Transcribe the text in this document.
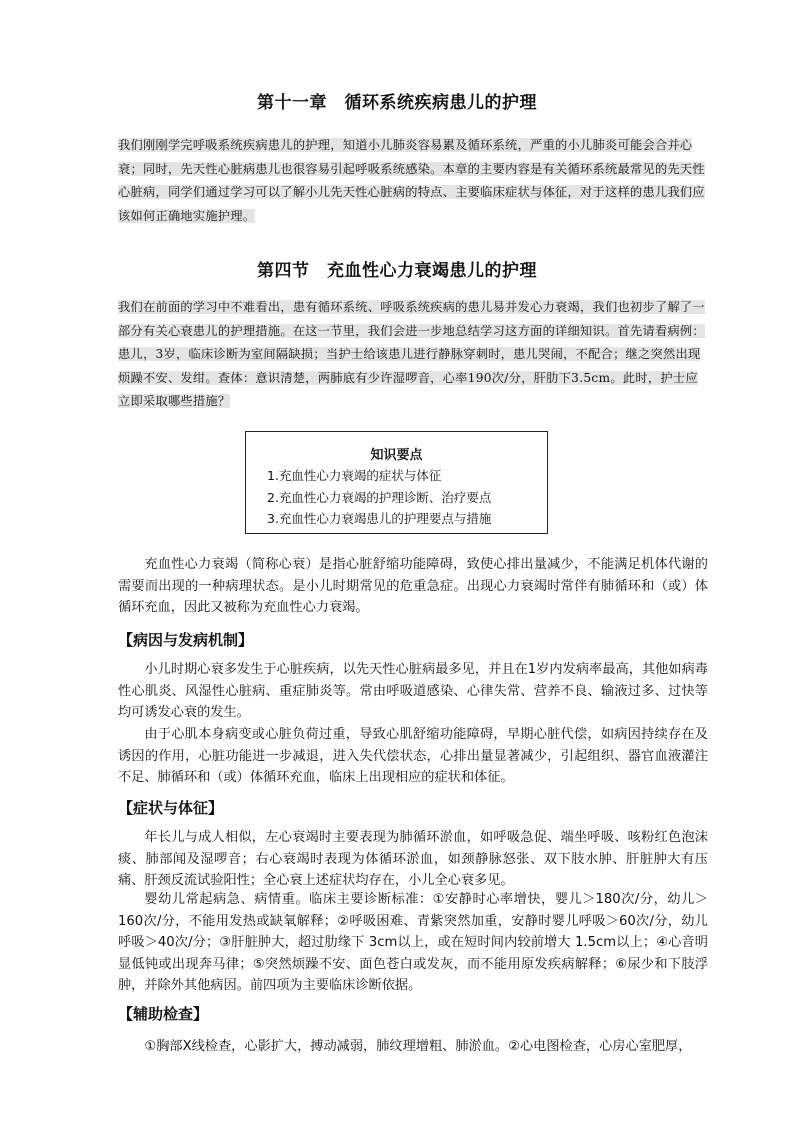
第十一章　循环系统疾病患儿的护理
我们刚刚学完呼吸系统疾病患儿的护理，知道小儿肺炎容易累及循环系统，严重的小儿肺炎可能会合并心衰；同时，先天性心脏病患儿也很容易引起呼吸系统感染。本章的主要内容是有关循环系统最常见的先天性心脏病，同学们通过学习可以了解小儿先天性心脏病的特点、主要临床症状与体征，对于这样的患儿我们应该如何正确地实施护理。
第四节　充血性心力衰竭患儿的护理
我们在前面的学习中不难看出，患有循环系统、呼吸系统疾病的患儿易并发心力衰竭，我们也初步了解了一部分有关心衰患儿的护理措施。在这一节里，我们会进一步地总结学习这方面的详细知识。首先请看病例：患儿，3岁，临床诊断为室间隔缺损；当护士给该患儿进行静脉穿刺时，患儿哭闹，不配合；继之突然出现烦躁不安、发绀。查体：意识清楚，两肺底有少许湿啰音，心率190次/分，肝肋下3.5cm。此时，护士应立即采取哪些措施？
知识要点
1.充血性心力衰竭的症状与体征
2.充血性心力衰竭的护理诊断、治疗要点
3.充血性心力衰竭患儿的护理要点与措施

充血性心力衰竭（简称心衰）是指心脏舒缩功能障碍，致使心排出量减少，不能满足机体代谢的需要而出现的一种病理状态。是小儿时期常见的危重急症。出现心力衰竭时常伴有肺循环和（或）体循环充血，因此又被称为充血性心力衰竭。

【病因与发病机制】

小儿时期心衰多发生于心脏疾病，以先天性心脏病最多见，并且在1岁内发病率最高，其他如病毒性心肌炎、风湿性心脏病、重症肺炎等。常由呼吸道感染、心律失常、营养不良、输液过多、过快等均可诱发心衰的发生。

由于心肌本身病变或心脏负荷过重，导致心肌舒缩功能障碍，早期心脏代偿，如病因持续存在及诱因的作用，心脏功能进一步减退，进入失代偿状态，心排出量显著减少，引起组织、器官血液灌注不足、肺循环和（或）体循环充血，临床上出现相应的症状和体征。

【症状与体征】

年长儿与成人相似，左心衰竭时主要表现为肺循环淤血，如呼吸急促、端坐呼吸、咳粉红色泡沫痰、肺部闻及湿啰音；右心衰竭时表现为体循环淤血，如颈静脉怒张、双下肢水肿、肝脏肿大有压痛、肝颈反流试验阳性；全心衰上述症状均存在，小儿全心衰多见。

婴幼儿常起病急、病情重。临床主要诊断标准：①安静时心率增快，婴儿＞180次/分，幼儿＞160次/分，不能用发热或缺氧解释；②呼吸困难、青紫突然加重，安静时婴儿呼吸＞60次/分，幼儿呼吸＞40次/分；③肝脏肿大，超过肋缘下 3cm以上，或在短时间内较前增大 1.5cm以上；④心音明显低钝或出现奔马律；⑤突然烦躁不安、面色苍白或发灰，而不能用原发疾病解释；⑥尿少和下肢浮肿，并除外其他病因。前四项为主要临床诊断依据。

【辅助检查】

①胸部X线检查，心影扩大，搏动减弱，肺纹理增粗、肺淤血。②心电图检查，心房心室肥厚，
